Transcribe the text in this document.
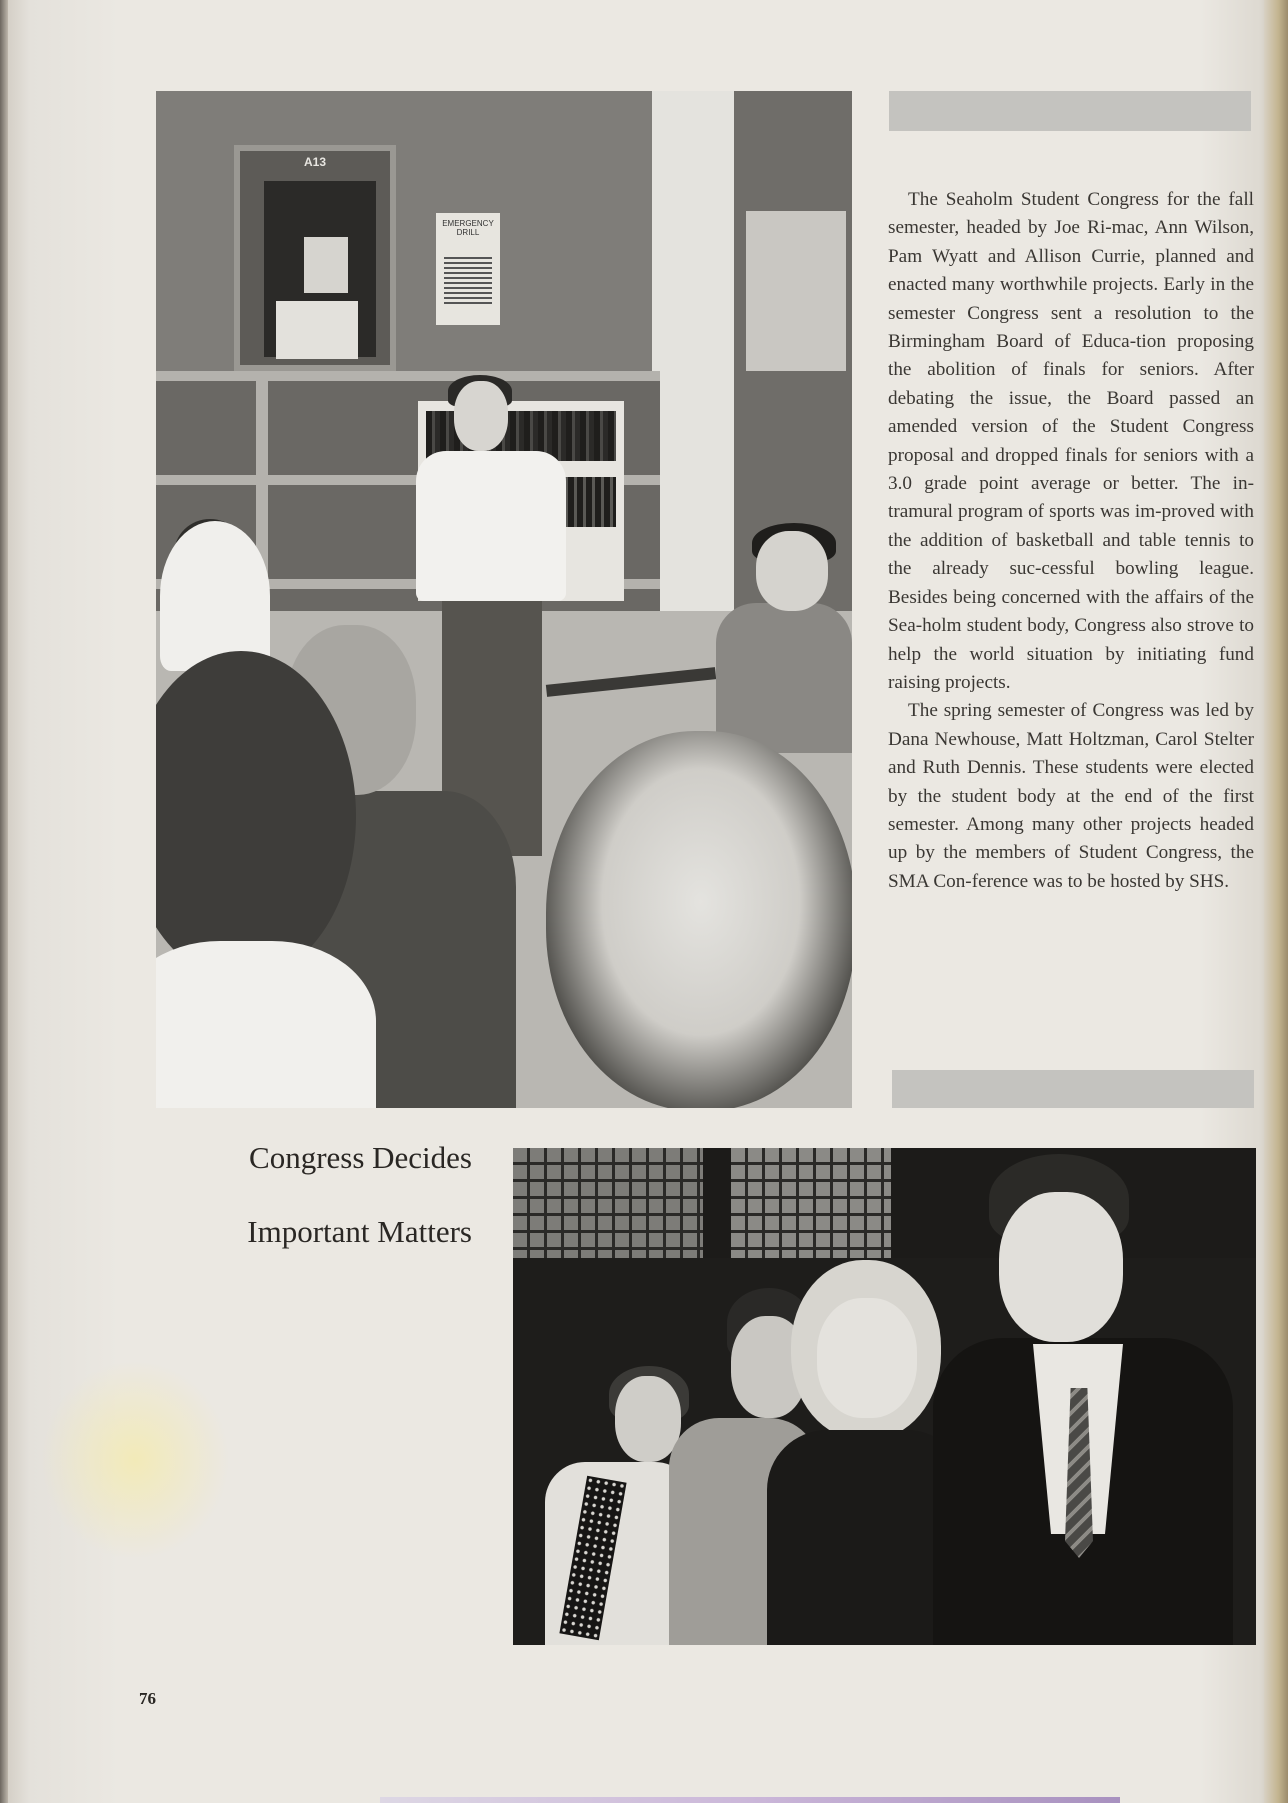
A13
EMERGENCY DRILL

The Seaholm Student Congress for the fall semester, headed by Joe Ri-mac, Ann Wilson, Pam Wyatt and Allison Currie, planned and enacted many worthwhile projects. Early in the semester Congress sent a resolution to the Birmingham Board of Educa-tion proposing the abolition of finals for seniors. After debating the issue, the Board passed an amended version of the Student Congress proposal and dropped finals for seniors with a 3.0 grade point average or better. The in-tramural program of sports was im-proved with the addition of basketball and table tennis to the already suc-cessful bowling league. Besides being concerned with the affairs of the Sea-holm student body, Congress also strove to help the world situation by initiating fund raising projects.

The spring semester of Congress was led by Dana Newhouse, Matt Holtzman, Carol Stelter and Ruth Dennis. These students were elected by the student body at the end of the first semester. Among many other projects headed up by the members of Student Congress, the SMA Con-ference was to be hosted by SHS.

Congress Decides
Important Matters
76
